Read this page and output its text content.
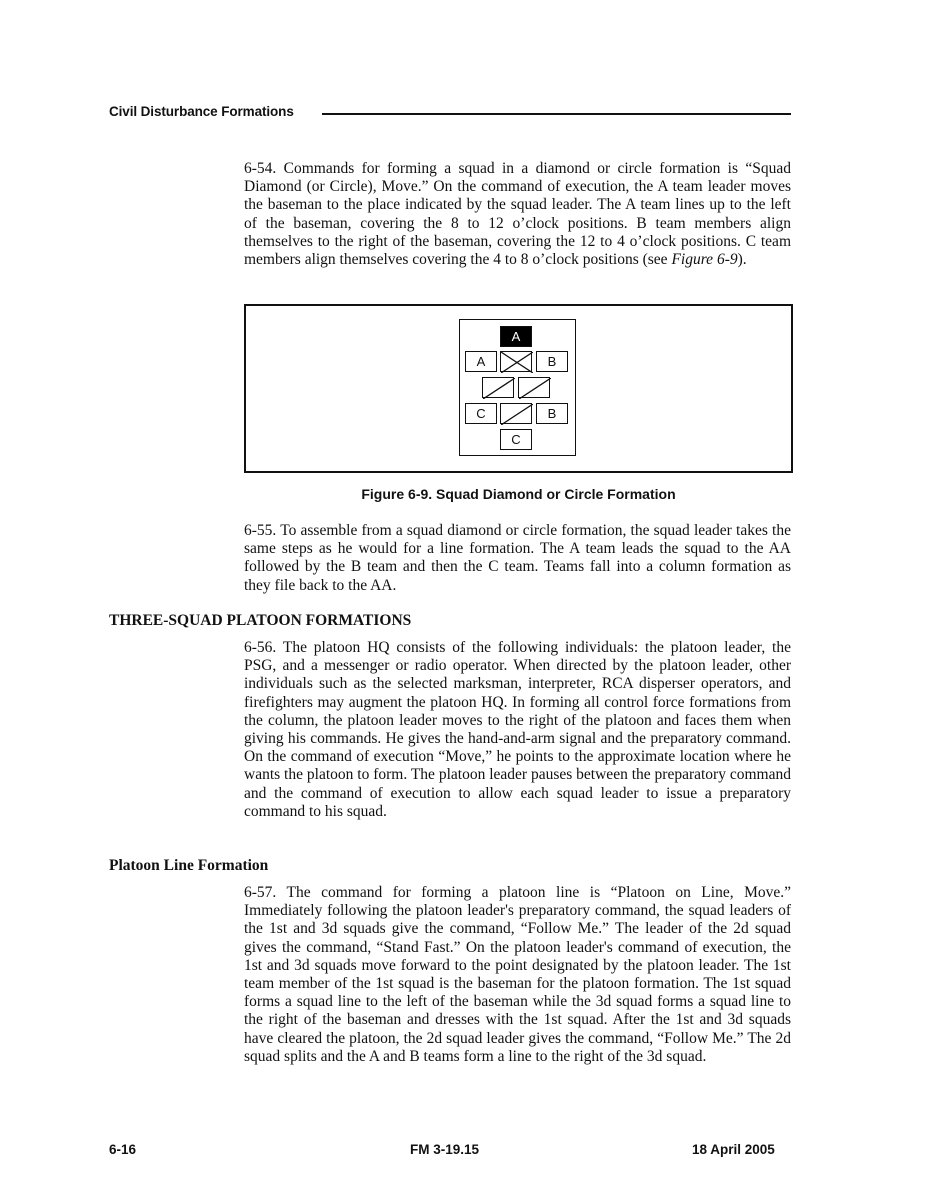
Civil Disturbance Formations
6-54. Commands for forming a squad in a diamond or circle formation is “Squad Diamond (or Circle), Move.” On the command of execution, the A team leader moves the baseman to the place indicated by the squad leader. The A team lines up to the left of the baseman, covering the 8 to 12 o’clock positions. B team members align themselves to the right of the baseman, covering the 12 to 4 o’clock positions. C team members align themselves covering the 4 to 8 o’clock positions (see Figure 6-9).
A
A	B
C	B
C
Figure 6-9. Squad Diamond or Circle Formation
6-55. To assemble from a squad diamond or circle formation, the squad leader takes the same steps as he would for a line formation. The A team leads the squad to the AA followed by the B team and then the C team. Teams fall into a column formation as they file back to the AA.
THREE-SQUAD PLATOON FORMATIONS
6-56. The platoon HQ consists of the following individuals: the platoon leader, the PSG, and a messenger or radio operator. When directed by the platoon leader, other individuals such as the selected marksman, interpreter, RCA disperser operators, and firefighters may augment the platoon HQ. In forming all control force formations from the column, the platoon leader moves to the right of the platoon and faces them when giving his commands. He gives the hand-and-arm signal and the preparatory command. On the command of execution “Move,” he points to the approximate location where he wants the platoon to form. The platoon leader pauses between the preparatory command and the command of execution to allow each squad leader to issue a preparatory command to his squad.
Platoon Line Formation
6-57. The command for forming a platoon line is “Platoon on Line, Move.” Immediately following the platoon leader's preparatory command, the squad leaders of the 1st and 3d squads give the command, “Follow Me.” The leader of the 2d squad gives the command, “Stand Fast.” On the platoon leader's command of execution, the 1st and 3d squads move forward to the point designated by the platoon leader. The 1st team member of the 1st squad is the baseman for the platoon formation. The 1st squad forms a squad line to the left of the baseman while the 3d squad forms a squad line to the right of the baseman and dresses with the 1st squad. After the 1st and 3d squads have cleared the platoon, the 2d squad leader gives the command, “Follow Me.” The 2d squad splits and the A and B teams form a line to the right of the 3d squad.
6-16	FM 3-19.15	18 April 2005
